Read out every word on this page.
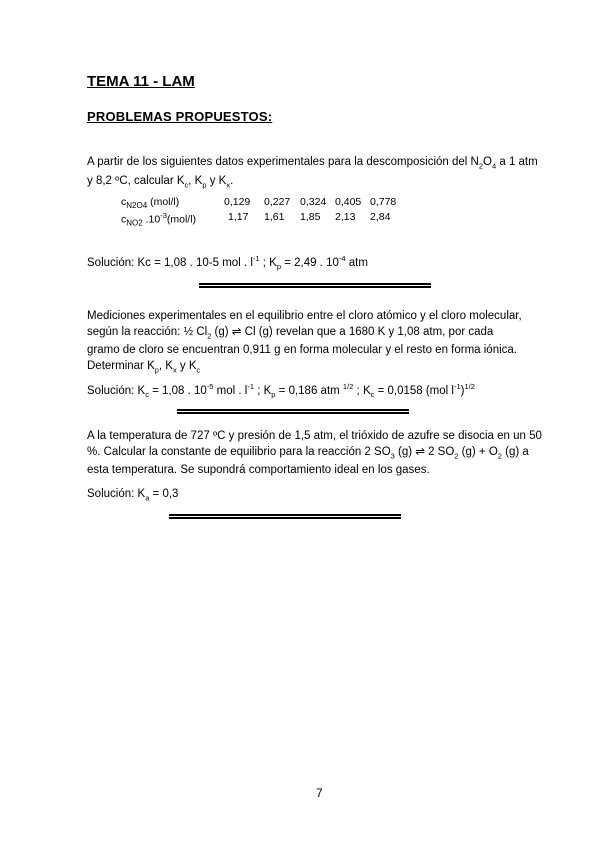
TEMA 11 - LAM
PROBLEMAS PROPUESTOS:
A partir de los siguientes datos experimentales para la descomposición del $N_2O_4$ a 1 atm
y 8,2 ºC, calcular $K_c$, $K_p$ y $K_x$.
$c_{N2O4}$ (mol/l)	0,129 0,227 0,324 0,405 0,778
$c_{NO2}$ $.10^{-3}(mol/l)$	1,17 1,61 1,85 2,13 2,84
Solución: Kc = 1,08 . 10-5 mol . $l^{-1}$ ; $K_p = 2,49$ . $10^{-4}$ atm
Mediciones experimentales en el equilibrio entre el cloro atómico y el cloro molecular,
según la reacción: ½ $Cl_2$ (g) ⇌ Cl (g) revelan que a 1680 K y 1,08 atm, por cada
gramo de cloro se encuentran 0,911 g en forma molecular y el resto en forma iónica.
Determinar $K_p$, $K_x$ y $K_c$
Solución: $K_c = 1,08$ . $10^{-5}$ mol . $l^{-1}$ ; $K_p = 0,186$ atm $^{1/2}$ ; $K_c = 0,0158$ (mol $l^{-1})^{1/2}$
A la temperatura de 727 ºC y presión de 1,5 atm, el trióxido de azufre se disocia en un 50
%. Calcular la constante de equilibrio para la reacción 2 $SO_3$ (g) ⇌ 2 $SO_2$ $(g) + O_2$ (g) a
esta temperatura. Se supondrá comportamiento ideal en los gases.
Solución: $K_a = 0,3$
7
